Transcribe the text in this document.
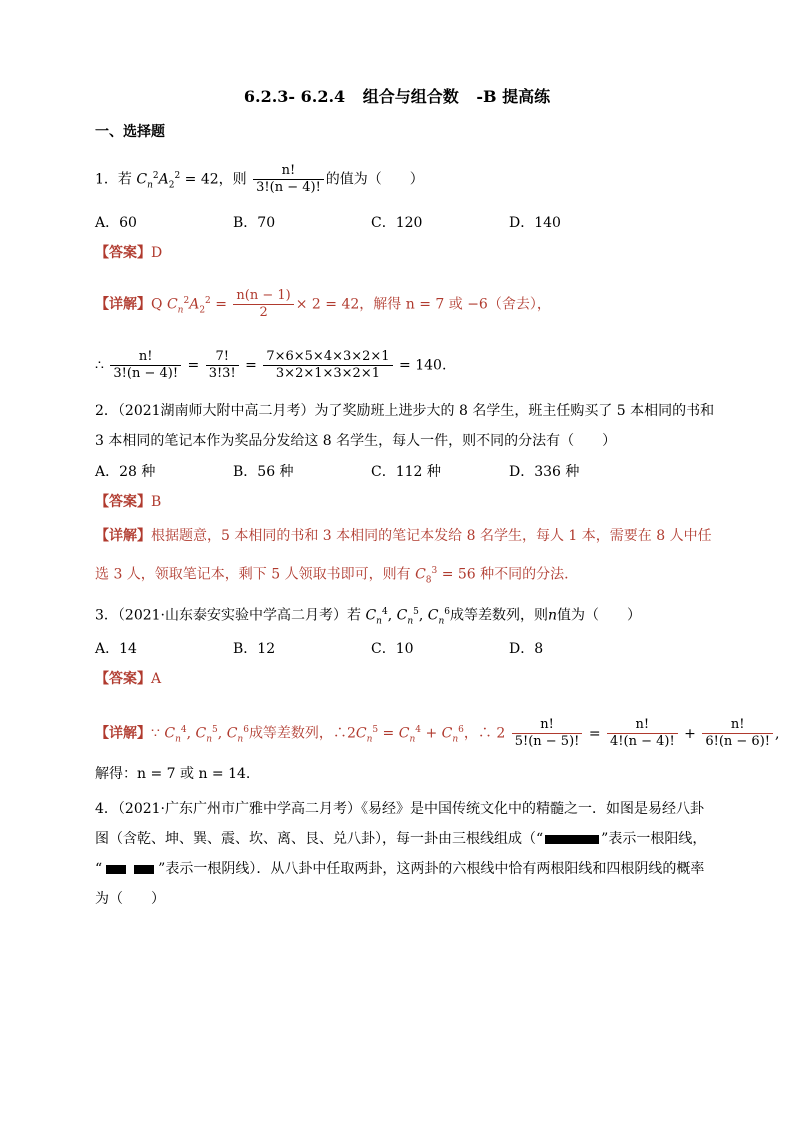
6.2.3- 6.2.4 组合与组合数 -B 提高练
一、选择题
1．若 $C_n^2A_2^2 = 42$，则 $\frac{n!}{3!(n - 4)!}$ 的值为（　　）
A．60	B．70	C．120	D．140
【答案】D
【详解】Q $C_n^2A_2^2 = \frac{n(n - 1)}{2} \times 2 = 42$，解得 n = 7 或 −6（舍去），
∴ $\frac{n!}{3!(n - 4)!} = \frac{7!}{3!3!} = \frac{7\times 6\times 5\times 4\times 3\times 2\times 1}{3\times 2\times 1\times 3\times 2\times 1} = 140$.
2．（2021湖南师大附中高二月考）为了奖励班上进步大的 8 名学生，班主任购买了 5 本相同的书和
3 本相同的笔记本作为奖品分发给这 8 名学生，每人一件，则不同的分法有（　　）
A．28 种	B．56 种	C．112 种	D．336 种
【答案】B
【详解】根据题意，5 本相同的书和 3 本相同的笔记本发给 8 名学生，每人 1 本，需要在 8 人中任
选 3 人，领取笔记本，剩下 5 人领取书即可，则有 $C_8^3 = 56$ 种不同的分法.
3．（2021·山东泰安实验中学高二月考）若 $C_n^4$, $C_n^5$, $C_n^6$成等差数列，则n值为（　　）
A．14	B．12	C．10	D．8
【答案】A
【详解】∵ $C_n^4$, $C_n^5$, $C_n^6$成等差数列，$\therefore 2C_n^5 = C_n^4 + C_n^6$，∴ $2 \frac{n!}{5!(n - 5)!} = \frac{n!}{4!(n - 4)!} + \frac{n!}{6!(n - 6)!}$ ,
解得：n = 7 或 n = 14.
4．（2021·广东广州市广雅中学高二月考）《易经》是中国传统文化中的精髓之一．如图是易经八卦
图（含乾、坤、巽、震、坎、离、艮、兑八卦），每一卦由三根线组成（“	”表示一根阳线，
“	”表示一根阴线）．从八卦中任取两卦，这两卦的六根线中恰有两根阳线和四根阴线的概率
为（　　）
